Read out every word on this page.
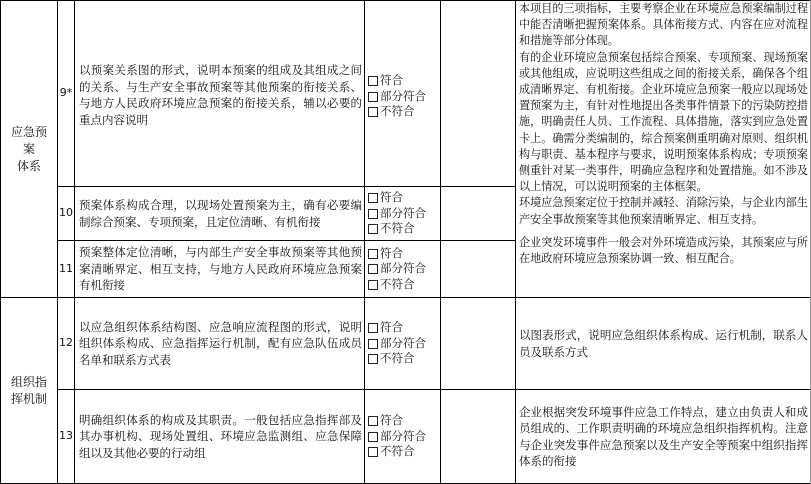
应急预
案
体系
组织指
挥机制
9*
以预案关系图的形式，说明本预案的组成及其组成之间的关系、与生产安全事故预案等其他预案的衔接关系、与地方人民政府环境应急预案的衔接关系，辅以必要的重点内容说明
符合
部分符合
不符合
10
预案体系构成合理，以现场处置预案为主，确有必要编制综合预案、专项预案，且定位清晰、有机衔接
符合
部分符合
不符合
11
预案整体定位清晰，与内部生产安全事故预案等其他预案清晰界定、相互支持，与地方人民政府环境应急预案有机衔接
符合
部分符合
不符合
12
以应急组织体系结构图、应急响应流程图的形式，说明组织体系构成、应急指挥运行机制，配有应急队伍成员名单和联系方式表
符合
部分符合
不符合
13
明确组织体系的构成及其职责。一般包括应急指挥部及其办事机构、现场处置组、环境应急监测组、应急保障组以及其他必要的行动组
符合
部分符合
不符合
本项目的三项指标，主要考察企业在环境应急预案编制过程中能否清晰把握预案体系。具体衔接方式、内容在应对流程和措施等部分体现。
有的企业环境应急预案包括综合预案、专项预案、现场预案或其他组成，应说明这些组成之间的衔接关系，确保各个组成清晰界定、有机衔接。企业环境应急预案一般应以现场处置预案为主，有针对性地提出各类事件情景下的污染防控措施，明确责任人员、工作流程、具体措施，落实到应急处置卡上。确需分类编制的，综合预案侧重明确对原则、组织机构与职责、基本程序与要求，说明预案体系构成；专项预案侧重针对某一类事件，明确应急程序和处置措施。如不涉及以上情况，可以说明预案的主体框架。
环境应急预案定位于控制并减轻、消除污染，与企业内部生产安全事故预案等其他预案清晰界定、相互支持。
企业突发环境事件一般会对外环境造成污染，其预案应与所在地政府环境应急预案协调一致、相互配合。
以图表形式，说明应急组织体系构成、运行机制，联系人员及联系方式
企业根据突发环境事件应急工作特点，建立由负责人和成员组成的、工作职责明确的环境应急组织指挥机构。注意与企业突发事件应急预案以及生产安全等预案中组织指挥体系的衔接
